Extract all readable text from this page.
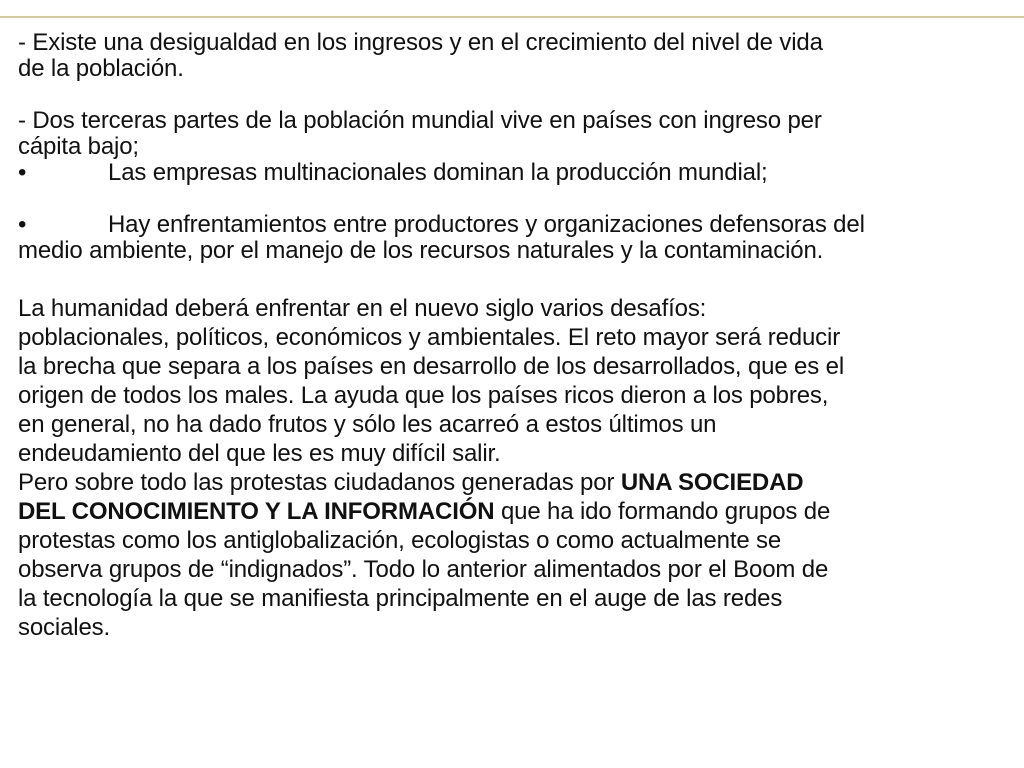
- Existe una desigualdad en los ingresos y en el crecimiento del nivel de vida
de la población.
- Dos terceras partes de la población mundial vive en países con ingreso per
cápita bajo;
•	Las empresas multinacionales dominan la producción mundial;
•	Hay enfrentamientos entre productores y organizaciones defensoras del
medio ambiente, por el manejo de los recursos naturales y la contaminación.
La humanidad deberá enfrentar en el nuevo siglo varios desafíos:
poblacionales, políticos, económicos y ambientales. El reto mayor será reducir
la brecha que separa a los países en desarrollo de los desarrollados, que es el
origen de todos los males. La ayuda que los países ricos dieron a los pobres,
en general, no ha dado frutos y sólo les acarreó a estos últimos un
endeudamiento del que les es muy difícil salir.
Pero sobre todo las protestas ciudadanos generadas por UNA SOCIEDAD
DEL CONOCIMIENTO Y LA INFORMACIÓN que ha ido formando grupos de
protestas como los antiglobalización, ecologistas o como actualmente se
observa grupos de “indignados”. Todo lo anterior alimentados por el Boom de
la tecnología la que se manifiesta principalmente en el auge de las redes
sociales.
